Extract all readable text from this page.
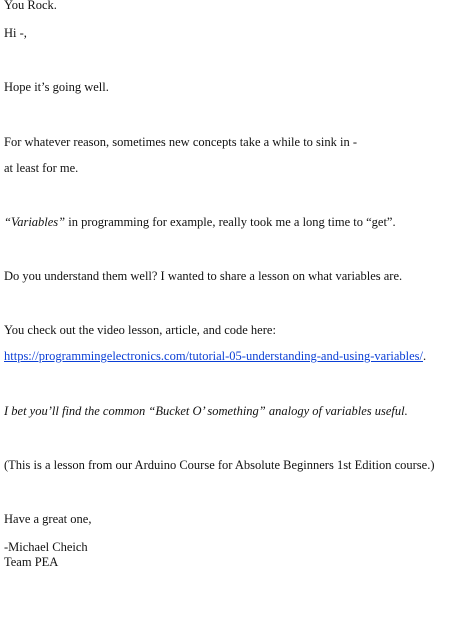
You Rock.
Hi -,
Hope it’s going well.
For whatever reason, sometimes new concepts take a while to sink in -
at least for me.
“Variables” in programming for example, really took me a long time to “get”.
Do you understand them well? I wanted to share a lesson on what variables are.
You check out the video lesson, article, and code here:
https://programmingelectronics.com/tutorial-05-understanding-and-using-variables/.
I bet you’ll find the common “Bucket O’ something” analogy of variables useful.
(This is a lesson from our Arduino Course for Absolute Beginners 1st Edition course.)
Have a great one,
-Michael Cheich
Team PEA
